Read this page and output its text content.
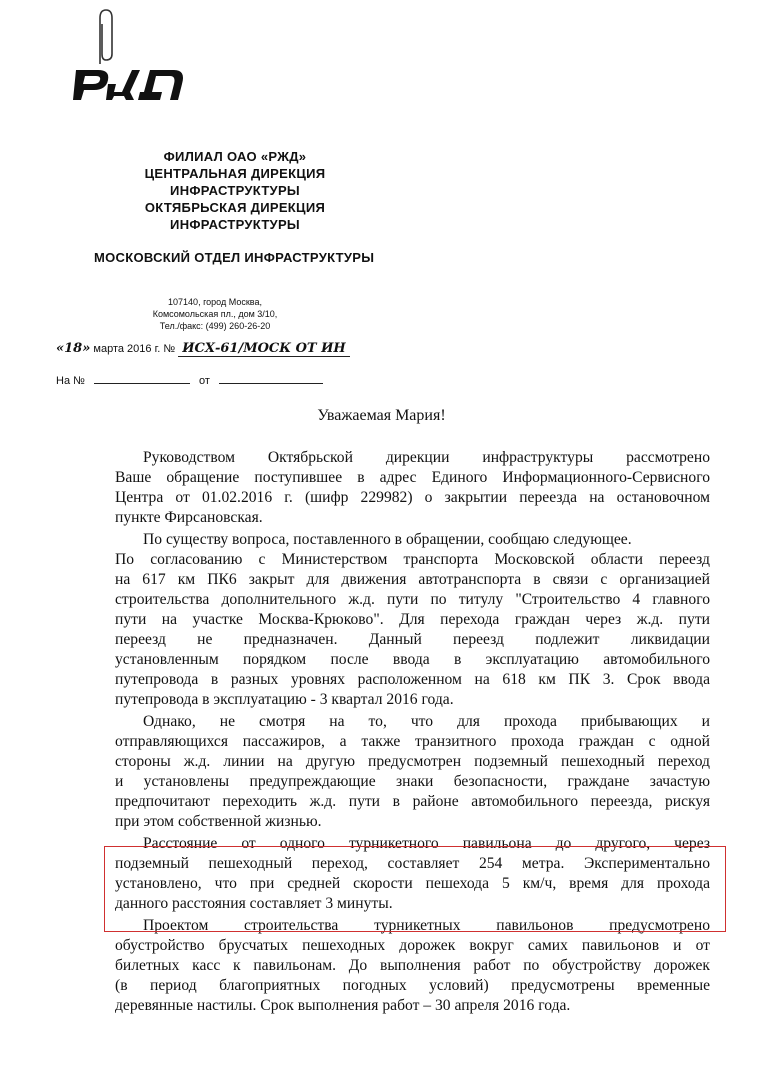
ФИЛИАЛ ОАО «РЖД»
ЦЕНТРАЛЬНАЯ ДИРЕКЦИЯ
ИНФРАСТРУКТУРЫ
ОКТЯБРЬСКАЯ ДИРЕКЦИЯ
ИНФРАСТРУКТУРЫ
МОСКОВСКИЙ ОТДЕЛ ИНФРАСТРУКТУРЫ
107140, город Москва,
Комсомольская пл., дом 3/10,
Тел./факс: (499) 260-26-20
«18» марта 2016 г. № ИСХ-61/МОСК ОТ ИН
На №	от
Уважаемая Мария!
Руководством Октябрьской дирекции инфраструктуры рассмотрено
Ваше обращение поступившее в адрес Единого Информационного-Сервисного
Центра от 01.02.2016 г. (шифр 229982) о закрытии переезда на остановочном
пункте Фирсановская.
По существу вопроса, поставленного в обращении, сообщаю следующее.
По согласованию с Министерством транспорта Московской области переезд
на 617 км ПК6 закрыт для движения автотранспорта в связи с организацией
строительства дополнительного ж.д. пути по титулу "Строительство 4 главного
пути на участке Москва-Крюково". Для перехода граждан через ж.д. пути
переезд не предназначен. Данный переезд подлежит ликвидации
установленным порядком после ввода в эксплуатацию автомобильного
путепровода в разных уровнях расположенном на 618 км ПК 3. Срок ввода
путепровода в эксплуатацию - 3 квартал 2016 года.
Однако, не смотря на то, что для прохода прибывающих и
отправляющихся пассажиров, а также транзитного прохода граждан с одной
стороны ж.д. линии на другую предусмотрен подземный пешеходный переход
и установлены предупреждающие знаки безопасности, граждане зачастую
предпочитают переходить ж.д. пути в районе автомобильного переезда, рискуя
при этом собственной жизнью.
Расстояние от одного турникетного павильона до другого, через
подземный пешеходный переход, составляет 254 метра. Экспериментально
установлено, что при средней скорости пешехода 5 км/ч, время для прохода
данного расстояния составляет 3 минуты.
Проектом строительства турникетных павильонов предусмотрено
обустройство брусчатых пешеходных дорожек вокруг самих павильонов и от
билетных касс к павильонам. До выполнения работ по обустройству дорожек
(в период благоприятных погодных условий) предусмотрены временные
деревянные настилы. Срок выполнения работ – 30 апреля 2016 года.
